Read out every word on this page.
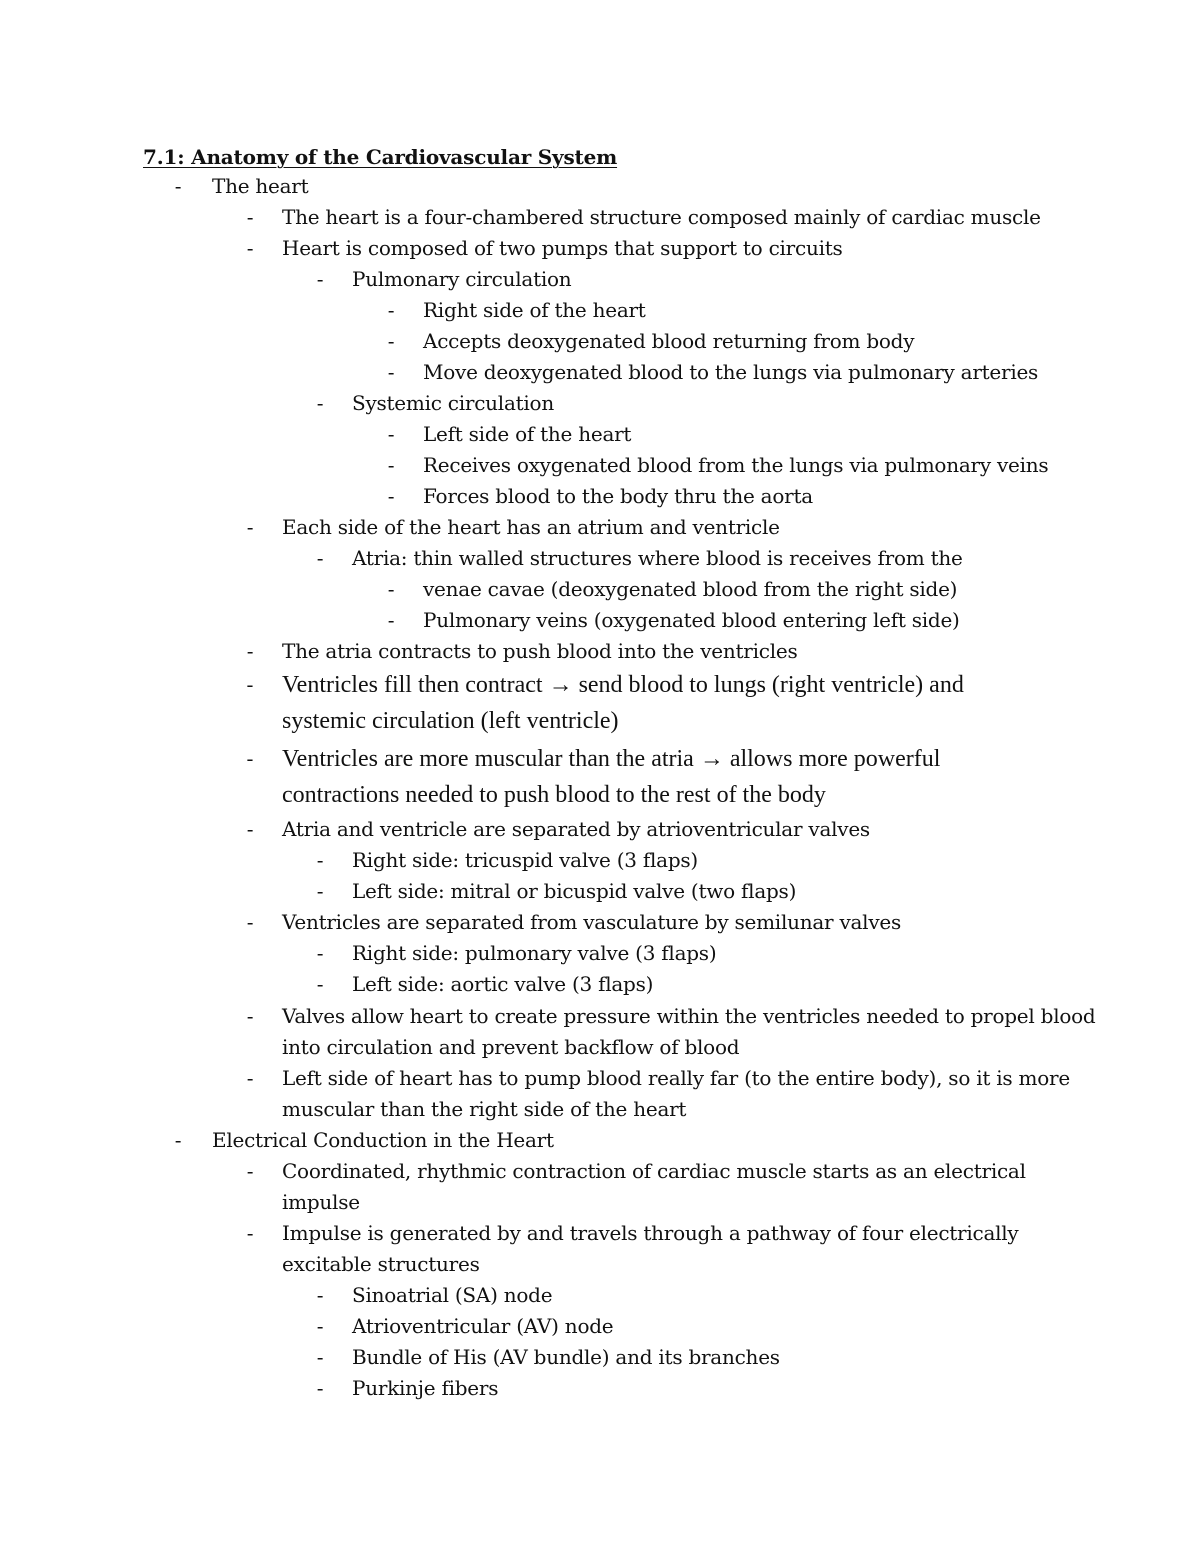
7.1: Anatomy of the Cardiovascular System
- The heart
- The heart is a four-chambered structure composed mainly of cardiac muscle
- Heart is composed of two pumps that support to circuits
- Pulmonary circulation
- Right side of the heart
- Accepts deoxygenated blood returning from body
- Move deoxygenated blood to the lungs via pulmonary arteries
- Systemic circulation
- Left side of the heart
- Receives oxygenated blood from the lungs via pulmonary veins
- Forces blood to the body thru the aorta
- Each side of the heart has an atrium and ventricle
- Atria: thin walled structures where blood is receives from the
- venae cavae (deoxygenated blood from the right side)
- Pulmonary veins (oxygenated blood entering left side)
- The atria contracts to push blood into the ventricles
- Ventricles fill then contract → send blood to lungs (right ventricle) and
systemic circulation (left ventricle)
- Ventricles are more muscular than the atria → allows more powerful
contractions needed to push blood to the rest of the body
- Atria and ventricle are separated by atrioventricular valves
- Right side: tricuspid valve (3 flaps)
- Left side: mitral or bicuspid valve (two flaps)
- Ventricles are separated from vasculature by semilunar valves
- Right side: pulmonary valve (3 flaps)
- Left side: aortic valve (3 flaps)
- Valves allow heart to create pressure within the ventricles needed to propel blood
into circulation and prevent backflow of blood
- Left side of heart has to pump blood really far (to the entire body), so it is more
muscular than the right side of the heart
- Electrical Conduction in the Heart
- Coordinated, rhythmic contraction of cardiac muscle starts as an electrical
impulse
- Impulse is generated by and travels through a pathway of four electrically
excitable structures
- Sinoatrial (SA) node
- Atrioventricular (AV) node
- Bundle of His (AV bundle) and its branches
- Purkinje fibers
